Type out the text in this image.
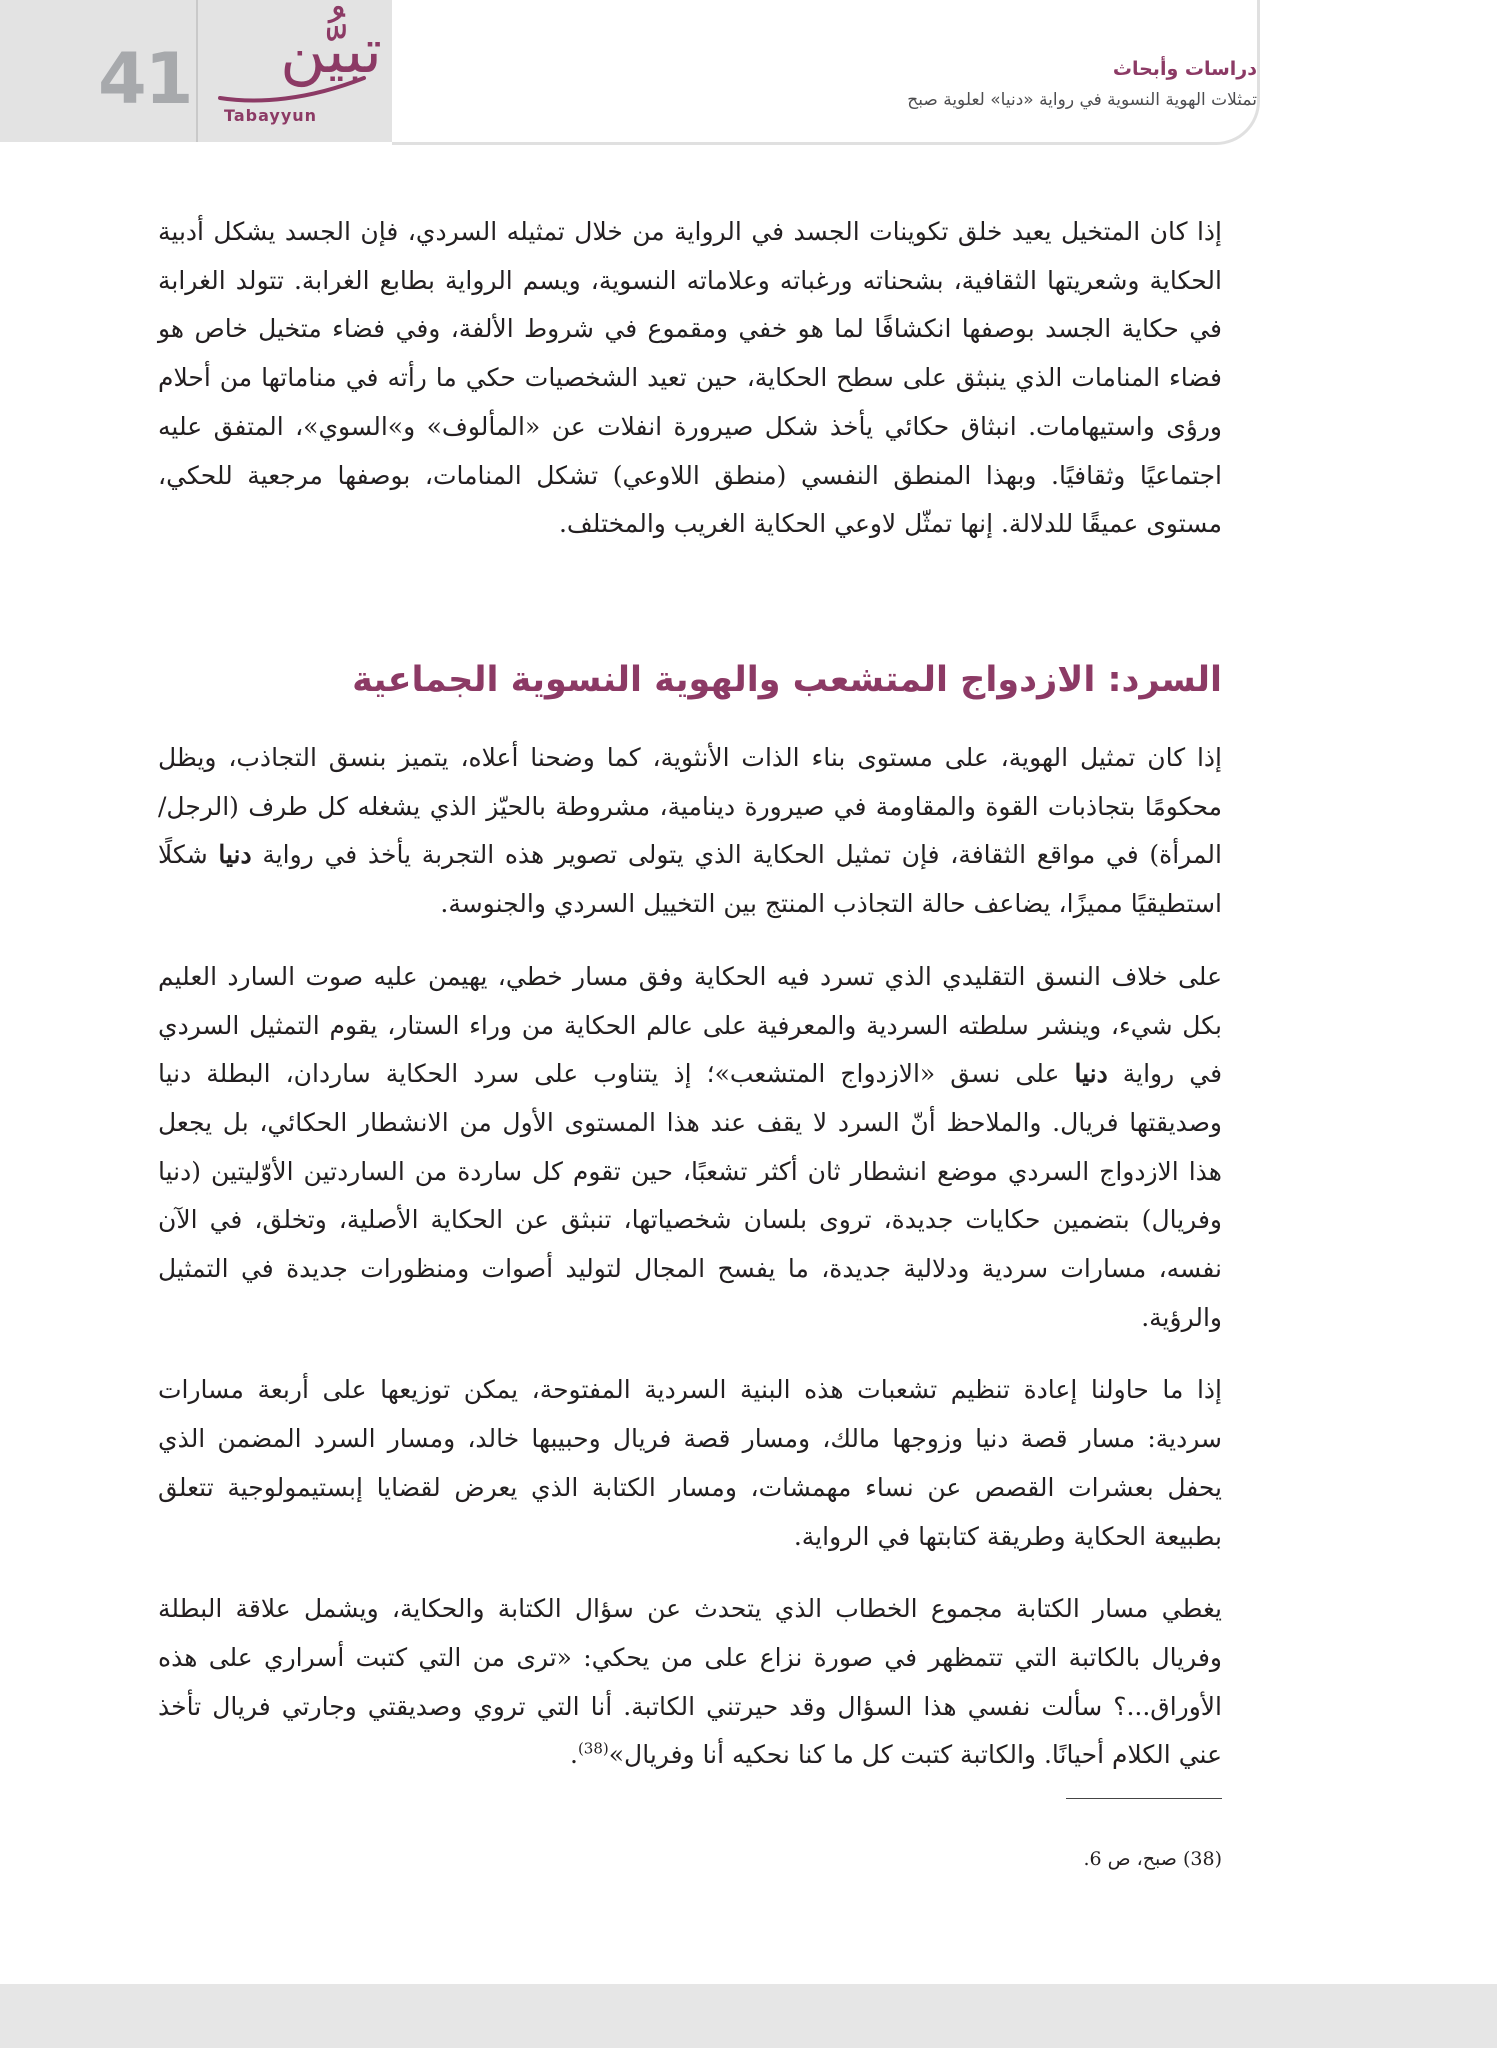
41 تبيُّن
Tabayyun
دراسات وأبحاث
تمثلات الهوية النسوية في رواية «دنيا» لعلوية صبح

إذا كان المتخيل يعيد خلق تكوينات الجسد في الرواية من خلال تمثيله السردي، فإن الجسد يشكل أدبية الحكاية وشعريتها الثقافية، بشحناته ورغباته وعلاماته النسوية، ويسم الرواية بطابع الغرابة. تتولد الغرابة في حكاية الجسد بوصفها انكشافًا لما هو خفي ومقموع في شروط الألفة، وفي فضاء متخيل خاص هو فضاء المنامات الذي ينبثق على سطح الحكاية، حين تعيد الشخصيات حكي ما رأته في مناماتها من أحلام ورؤى واستيهامات. انبثاق حكائي يأخذ شكل صيرورة انفلات عن «المألوف» و»السوي»، المتفق عليه اجتماعيًا وثقافيًا. وبهذا المنطق النفسي (منطق اللاوعي) تشكل المنامات، بوصفها مرجعية للحكي، مستوى عميقًا للدلالة. إنها تمثّل لاوعي الحكاية الغريب والمختلف.

السرد: الازدواج المتشعب والهوية النسوية الجماعية

إذا كان تمثيل الهوية، على مستوى بناء الذات الأنثوية، كما وضحنا أعلاه، يتميز بنسق التجاذب، ويظل محكومًا بتجاذبات القوة والمقاومة في صيرورة دينامية، مشروطة بالحيّز الذي يشغله كل طرف (الرجل/ المرأة) في مواقع الثقافة، فإن تمثيل الحكاية الذي يتولى تصوير هذه التجربة يأخذ في رواية دنيا شكلًا استطيقيًا مميزًا، يضاعف حالة التجاذب المنتج بين التخييل السردي والجنوسة.

على خلاف النسق التقليدي الذي تسرد فيه الحكاية وفق مسار خطي، يهيمن عليه صوت السارد العليم بكل شيء، وينشر سلطته السردية والمعرفية على عالم الحكاية من وراء الستار، يقوم التمثيل السردي في رواية دنيا على نسق «الازدواج المتشعب»؛ إذ يتناوب على سرد الحكاية ساردان، البطلة دنيا وصديقتها فريال. والملاحظ أنّ السرد لا يقف عند هذا المستوى الأول من الانشطار الحكائي، بل يجعل هذا الازدواج السردي موضع انشطار ثان أكثر تشعبًا، حين تقوم كل ساردة من الساردتين الأوّليتين (دنيا وفريال) بتضمين حكايات جديدة، تروى بلسان شخصياتها، تنبثق عن الحكاية الأصلية، وتخلق، في الآن نفسه، مسارات سردية ودلالية جديدة، ما يفسح المجال لتوليد أصوات ومنظورات جديدة في التمثيل والرؤية.

إذا ما حاولنا إعادة تنظيم تشعبات هذه البنية السردية المفتوحة، يمكن توزيعها على أربعة مسارات سردية: مسار قصة دنيا وزوجها مالك، ومسار قصة فريال وحبيبها خالد، ومسار السرد المضمن الذي يحفل بعشرات القصص عن نساء مهمشات، ومسار الكتابة الذي يعرض لقضايا إبستيمولوجية تتعلق بطبيعة الحكاية وطريقة كتابتها في الرواية.

يغطي مسار الكتابة مجموع الخطاب الذي يتحدث عن سؤال الكتابة والحكاية، ويشمل علاقة البطلة وفريال بالكاتبة التي تتمظهر في صورة نزاع على من يحكي: «ترى من التي كتبت أسراري على هذه الأوراق...؟ سألت نفسي هذا السؤال وقد حيرتني الكاتبة. أنا التي تروي وصديقتي وجارتي فريال تأخذ عني الكلام أحيانًا. والكاتبة كتبت كل ما كنا نحكيه أنا وفريال»$^{(38)}$.

(38) صبح، ص 6.
